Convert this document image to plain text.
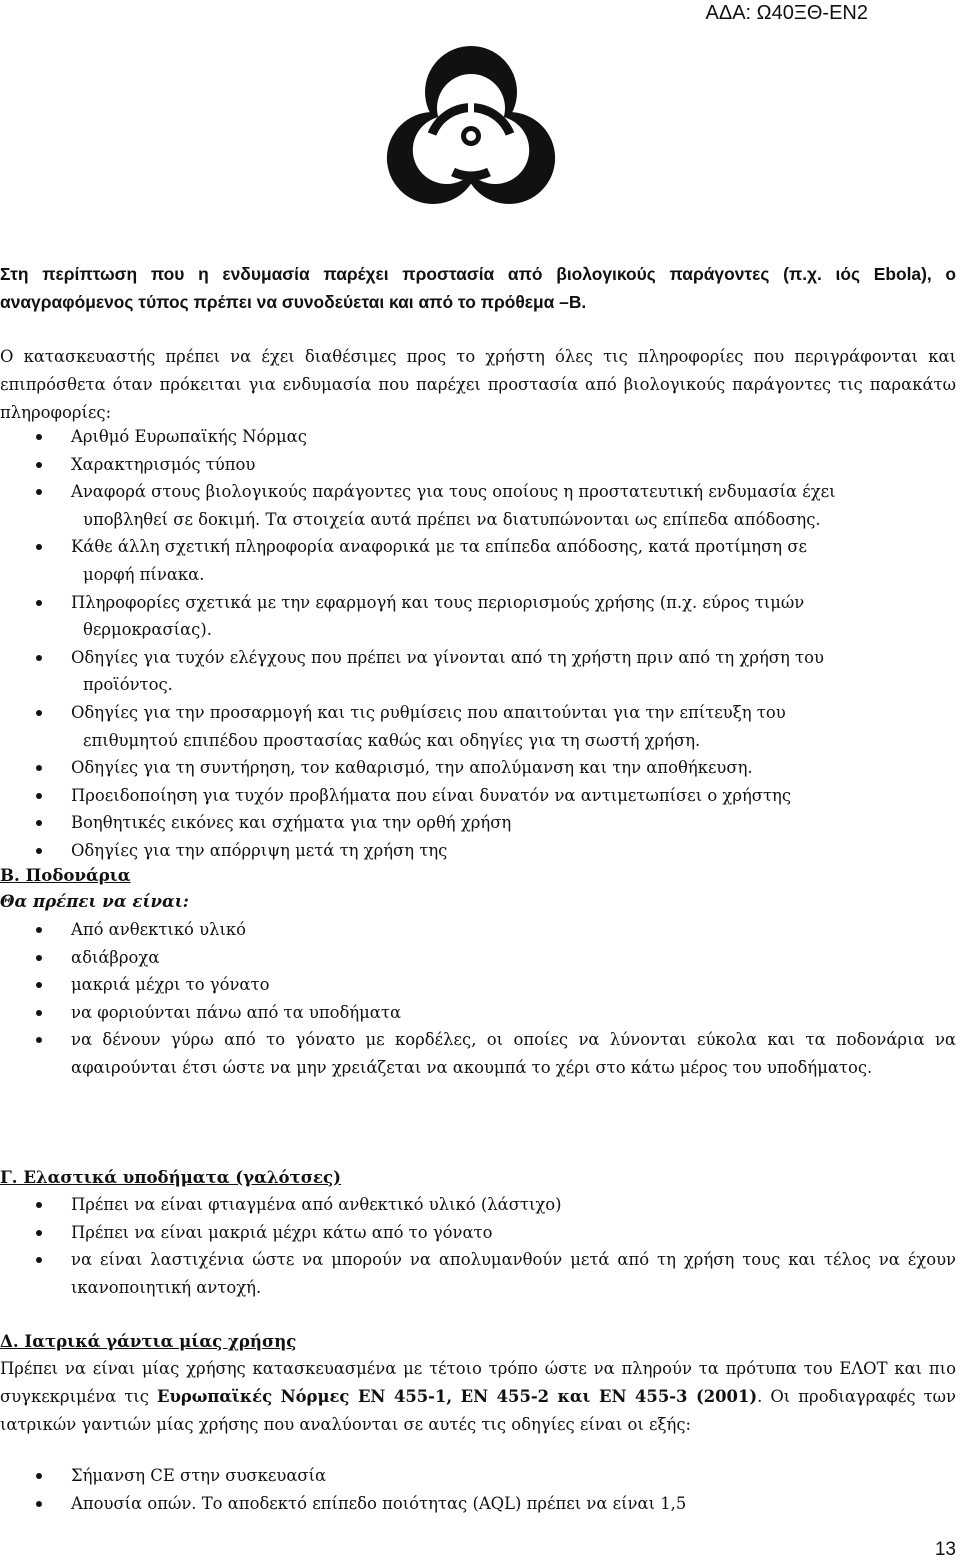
ΑΔΑ: Ω40ΞΘ-ΕΝ2

Στη περίπτωση που η ενδυμασία παρέχει προστασία από βιολογικούς παράγοντες (π.χ. ιός Ebola), ο αναγραφόμενος τύπος πρέπει να συνοδεύεται και από το πρόθεμα –B.

Ο κατασκευαστής πρέπει να έχει διαθέσιμες προς το χρήστη όλες τις πληροφορίες που περιγράφονται και επιπρόσθετα όταν πρόκειται για ενδυμασία που παρέχει προστασία από βιολογικούς παράγοντες τις παρακάτω πληροφορίες:

Αριθμό Ευρωπαϊκής Νόρμας
Χαρακτηρισμός τύπου
Αναφορά στους βιολογικούς παράγοντες για τους οποίους η προστατευτική ενδυμασία έχει
υποβληθεί σε δοκιμή. Τα στοιχεία αυτά πρέπει να διατυπώνονται ως επίπεδα απόδοσης.
Κάθε άλλη σχετική πληροφορία αναφορικά με τα επίπεδα απόδοσης, κατά προτίμηση σε
μορφή πίνακα.
Πληροφορίες σχετικά με την εφαρμογή και τους περιορισμούς χρήσης (π.χ. εύρος τιμών
θερμοκρασίας).
Οδηγίες για τυχόν ελέγχους που πρέπει να γίνονται από τη χρήστη πριν από τη χρήση του
προϊόντος.
Οδηγίες για την προσαρμογή και τις ρυθμίσεις που απαιτούνται για την επίτευξη του
επιθυμητού επιπέδου προστασίας καθώς και οδηγίες για τη σωστή χρήση.
Οδηγίες για τη συντήρηση, τον καθαρισμό, την απολύμανση και την αποθήκευση.
Προειδοποίηση για τυχόν προβλήματα που είναι δυνατόν να αντιμετωπίσει ο χρήστης
Βοηθητικές εικόνες και σχήματα για την ορθή χρήση
Οδηγίες για την απόρριψη μετά τη χρήση της
Β. Ποδονάρια
Θα πρέπει να είναι:
Από ανθεκτικό υλικό
αδιάβροχα
μακριά μέχρι το γόνατο
να φοριούνται πάνω από τα υποδήματα
να δένουν γύρω από το γόνατο με κορδέλες, οι οποίες να λύνονται εύκολα και τα ποδονάρια να αφαιρούνται έτσι ώστε να μην χρειάζεται να ακουμπά το χέρι στο κάτω μέρος του υποδήματος.
Γ. Ελαστικά υποδήματα (γαλότσες)
Πρέπει να είναι φτιαγμένα από ανθεκτικό υλικό (λάστιχο)
Πρέπει να είναι μακριά μέχρι κάτω από το γόνατο
να είναι λαστιχένια ώστε να μπορούν να απολυμανθούν μετά από τη χρήση τους και τέλος να έχουν ικανοποιητική αντοχή.
Δ. Ιατρικά γάντια μίας χρήσης

Πρέπει να είναι μίας χρήσης κατασκευασμένα με τέτοιο τρόπο ώστε να πληρούν τα πρότυπα του ΕΛΟΤ και πιο συγκεκριμένα τις Ευρωπαϊκές Νόρμες EN 455-1, EN 455-2 και EN 455-3 (2001). Οι προδιαγραφές των ιατρικών γαντιών μίας χρήσης που αναλύονται σε αυτές τις οδηγίες είναι οι εξής:

Σήμανση CE στην συσκευασία
Απουσία οπών. Το αποδεκτό επίπεδο ποιότητας (AQL) πρέπει να είναι 1,5
13
